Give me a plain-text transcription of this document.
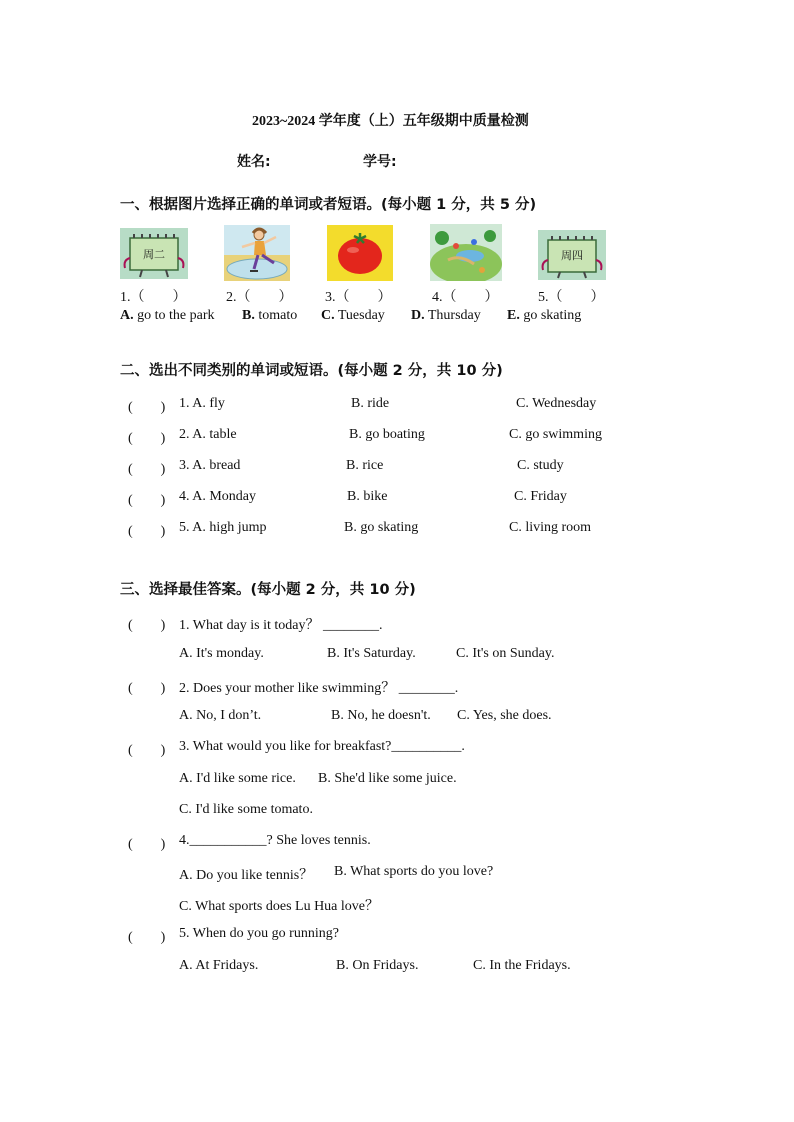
2023~2024 学年度（上）五年级期中质量检测
姓名:	学号:
一、根据图片选择正确的单词或者短语。(每小题 1 分，共 5 分)
周二	周四
1.（　　）	2.（　　） 3.（　　）	4.（　　）	5.（　　）
A. go to the park B. tomato C. Tuesday D. Thursday E. go skating
二、选出不同类别的单词或短语。(每小题 2 分，共 10 分)
(　　) 1. A. fly	B. ride	C. Wednesday
(　　) 2. A. table	B. go boating	C. go swimming
(　　) 3. A. bread	B. rice	C. study
(　　) 4. A. Monday	B. bike	C. Friday
(　　) 5. A. high jump	B. go skating	C. living room
三、选择最佳答案。(每小题 2 分，共 10 分)
(　　) 1. What day is it today？ ________.
A. It's monday.	B. It's Saturday.	C. It's on Sunday.
(　　) 2. Does your mother like swimming？ ________.
A. No, I don’t.	B. No, he doesn't. C. Yes, she does.
(　　) 3. What would you like for breakfast?__________.
A. I'd like some rice. B. She'd like some juice.
C. I'd like some tomato.
(　　) 4.___________? She loves tennis.
A. Do you like tennis？ B. What sports do you love?
C. What sports does Lu Hua love？
(　　) 5. When do you go running?
A. At Fridays.	B. On Fridays.	C. In the Fridays.
